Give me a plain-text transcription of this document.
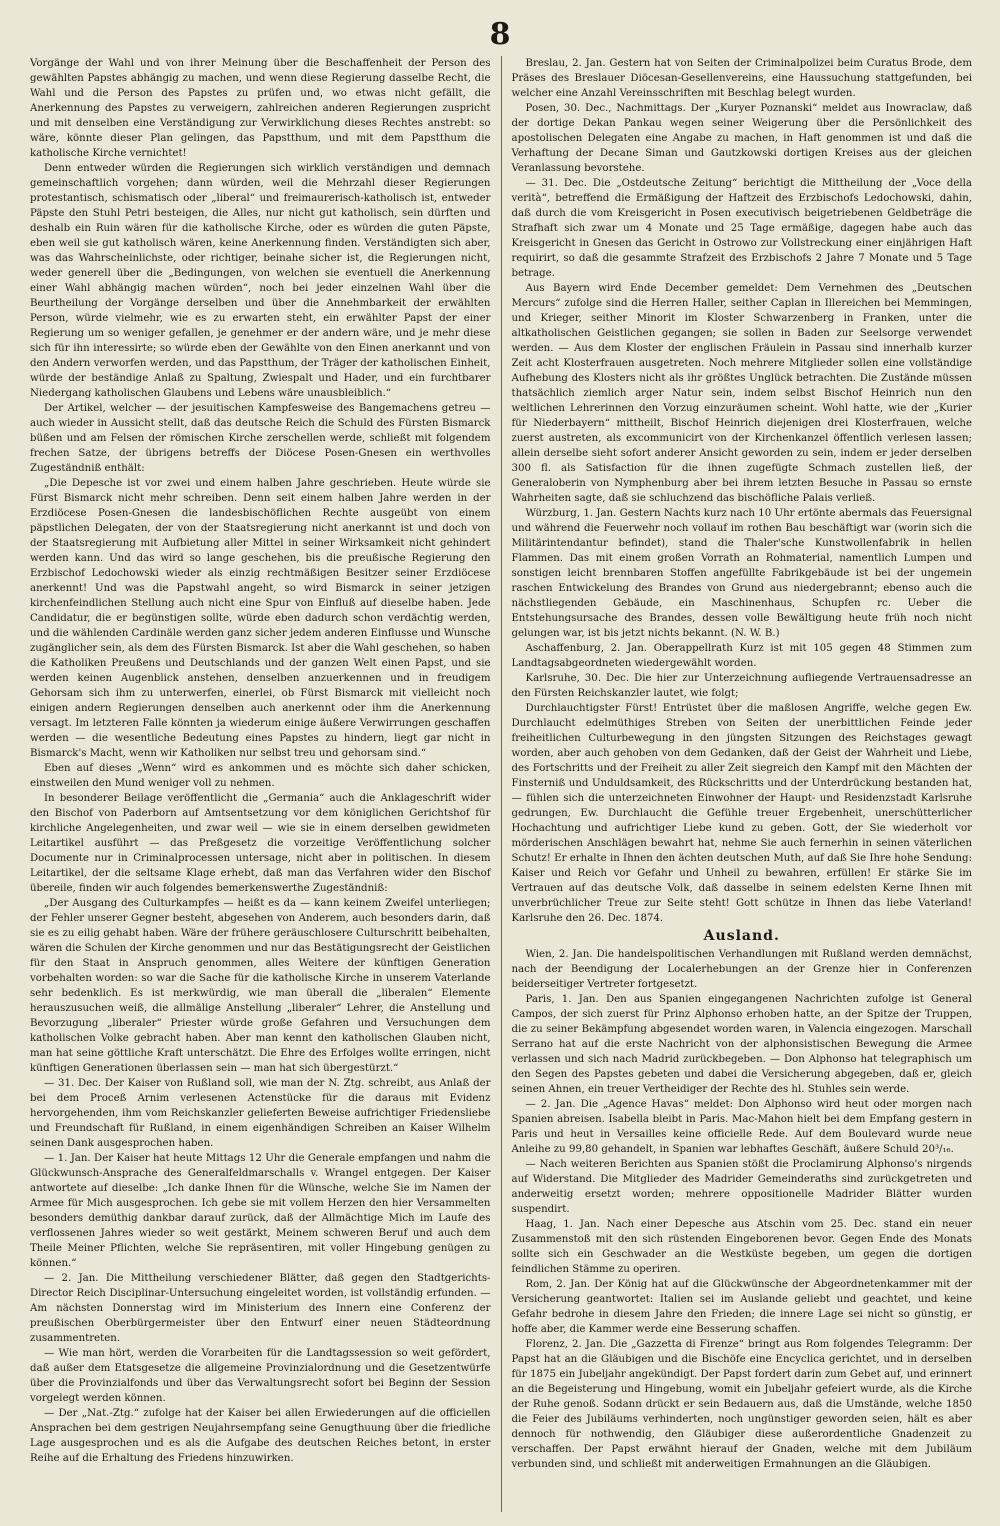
8

Vorgänge der Wahl und von ihrer Meinung über die Beschaffenheit der Person des gewählten Papstes abhängig zu machen, und wenn diese Regierung dasselbe Recht, die Wahl und die Person des Papstes zu prüfen und, wo etwas nicht gefällt, die Anerkennung des Papstes zu verweigern, zahlreichen anderen Regierungen zuspricht und mit denselben eine Verständigung zur Verwirklichung dieses Rechtes anstrebt: so wäre, könnte dieser Plan gelingen, das Papstthum, und mit dem Papstthum die katholische Kirche vernichtet!

Denn entweder würden die Regierungen sich wirklich verständigen und demnach gemeinschaftlich vorgehen; dann würden, weil die Mehrzahl dieser Regierungen protestantisch, schismatisch oder „liberal“ und freimaurerisch-katholisch ist, entweder Päpste den Stuhl Petri besteigen, die Alles, nur nicht gut katholisch, sein dürften und deshalb ein Ruin wären für die katholische Kirche, oder es würden die guten Päpste, eben weil sie gut katholisch wären, keine Anerkennung finden. Verständigten sich aber, was das Wahrscheinlichste, oder richtiger, beinahe sicher ist, die Regierungen nicht, weder generell über die „Bedingungen, von welchen sie eventuell die Anerkennung einer Wahl abhängig machen würden“, noch bei jeder einzelnen Wahl über die Beurtheilung der Vorgänge derselben und über die Annehmbarkeit der erwählten Person, würde vielmehr, wie es zu erwarten steht, ein erwählter Papst der einer Regierung um so weniger gefallen, je genehmer er der andern wäre, und je mehr diese sich für ihn interessirte; so würde eben der Gewählte von den Einen anerkannt und von den Andern verworfen werden, und das Papstthum, der Träger der katholischen Einheit, würde der beständige Anlaß zu Spaltung, Zwiespalt und Hader, und ein furchtbarer Niedergang katholischen Glaubens und Lebens wäre unausbleiblich.“

Der Artikel, welcher — der jesuitischen Kampfesweise des Bangemachens getreu — auch wieder in Aussicht stellt, daß das deutsche Reich die Schuld des Fürsten Bismarck büßen und am Felsen der römischen Kirche zerschellen werde, schließt mit folgendem frechen Satze, der übrigens betreffs der Diöcese Posen-Gnesen ein werthvolles Zugeständniß enthält:

„Die Depesche ist vor zwei und einem halben Jahre geschrieben. Heute würde sie Fürst Bismarck nicht mehr schreiben. Denn seit einem halben Jahre werden in der Erzdiöcese Posen-Gnesen die landesbischöflichen Rechte ausgeübt von einem päpstlichen Delegaten, der von der Staatsregierung nicht anerkannt ist und doch von der Staatsregierung mit Aufbietung aller Mittel in seiner Wirksamkeit nicht gehindert werden kann. Und das wird so lange geschehen, bis die preußische Regierung den Erzbischof Ledochowski wieder als einzig rechtmäßigen Besitzer seiner Erzdiöcese anerkennt! Und was die Papstwahl angeht, so wird Bismarck in seiner jetzigen kirchenfeindlichen Stellung auch nicht eine Spur von Einfluß auf dieselbe haben. Jede Candidatur, die er begünstigen sollte, würde eben dadurch schon verdächtig werden, und die wählenden Cardinäle werden ganz sicher jedem anderen Einflusse und Wunsche zugänglicher sein, als dem des Fürsten Bismarck. Ist aber die Wahl geschehen, so haben die Katholiken Preußens und Deutschlands und der ganzen Welt einen Papst, und sie werden keinen Augenblick anstehen, denselben anzuerkennen und in freudigem Gehorsam sich ihm zu unterwerfen, einerlei, ob Fürst Bismarck mit vielleicht noch einigen andern Regierungen denselben auch anerkennt oder ihm die Anerkennung versagt. Im letzteren Falle könnten ja wiederum einige äußere Verwirrungen geschaffen werden — die wesentliche Bedeutung eines Papstes zu hindern, liegt gar nicht in Bismarck's Macht, wenn wir Katholiken nur selbst treu und gehorsam sind.“

Eben auf dieses „Wenn“ wird es ankommen und es möchte sich daher schicken, einstweilen den Mund weniger voll zu nehmen.

In besonderer Beilage veröffentlicht die „Germania“ auch die Anklageschrift wider den Bischof von Paderborn auf Amtsentsetzung vor dem königlichen Gerichtshof für kirchliche Angelegenheiten, und zwar weil — wie sie in einem derselben gewidmeten Leitartikel ausführt — das Preßgesetz die vorzeitige Veröffentlichung solcher Documente nur in Criminalprocessen untersage, nicht aber in politischen. In diesem Leitartikel, der die seltsame Klage erhebt, daß man das Verfahren wider den Bischof übereile, finden wir auch folgendes bemerkenswerthe Zugeständniß:

„Der Ausgang des Culturkampfes — heißt es da — kann keinem Zweifel unterliegen; der Fehler unserer Gegner besteht, abgesehen von Anderem, auch besonders darin, daß sie es zu eilig gehabt haben. Wäre der frühere geräuschlosere Culturschritt beibehalten, wären die Schulen der Kirche genommen und nur das Bestätigungsrecht der Geistlichen für den Staat in Anspruch genommen, alles Weitere der künftigen Generation vorbehalten worden: so war die Sache für die katholische Kirche in unserem Vaterlande sehr bedenklich. Es ist merkwürdig, wie man überall die „liberalen“ Elemente herauszusuchen weiß, die allmälige Anstellung „liberaler“ Lehrer, die Anstellung und Bevorzugung „liberaler“ Priester würde große Gefahren und Versuchungen dem katholischen Volke gebracht haben. Aber man kennt den katholischen Glauben nicht, man hat seine göttliche Kraft unterschätzt. Die Ehre des Erfolges wollte erringen, nicht künftigen Generationen überlassen sein — man hat sich übergestürzt.“

— 31. Dec. Der Kaiser von Rußland soll, wie man der N. Ztg. schreibt, aus Anlaß der bei dem Proceß Arnim verlesenen Actenstücke für die daraus mit Evidenz hervorgehenden, ihm vom Reichskanzler gelieferten Beweise aufrichtiger Friedensliebe und Freundschaft für Rußland, in einem eigenhändigen Schreiben an Kaiser Wilhelm seinen Dank ausgesprochen haben.

— 1. Jan. Der Kaiser hat heute Mittags 12 Uhr die Generale empfangen und nahm die Glückwunsch-Ansprache des Generalfeldmarschalls v. Wrangel entgegen. Der Kaiser antwortete auf dieselbe: „Ich danke Ihnen für die Wünsche, welche Sie im Namen der Armee für Mich ausgesprochen. Ich gebe sie mit vollem Herzen den hier Versammelten besonders demüthig dankbar darauf zurück, daß der Allmächtige Mich im Laufe des verflossenen Jahres wieder so weit gestärkt, Meinem schweren Beruf und auch dem Theile Meiner Pflichten, welche Sie repräsentiren, mit voller Hingebung genügen zu können.“

— 2. Jan. Die Mittheilung verschiedener Blätter, daß gegen den Stadtgerichts-Director Reich Disciplinar-Untersuchung eingeleitet worden, ist vollständig erfunden. — Am nächsten Donnerstag wird im Ministerium des Innern eine Conferenz der preußischen Oberbürgermeister über den Entwurf einer neuen Städteordnung zusammentreten.

— Wie man hört, werden die Vorarbeiten für die Landtagssession so weit gefördert, daß außer dem Etatsgesetze die allgemeine Provinzialordnung und die Gesetzentwürfe über die Provinzialfonds und über das Verwaltungsrecht sofort bei Beginn der Session vorgelegt werden können.

— Der „Nat.-Ztg.“ zufolge hat der Kaiser bei allen Erwiederungen auf die officiellen Ansprachen bei dem gestrigen Neujahrsempfang seine Genugthuung über die friedliche Lage ausgesprochen und es als die Aufgabe des deutschen Reiches betont, in erster Reihe auf die Erhaltung des Friedens hinzuwirken.

Breslau, 2. Jan. Gestern hat von Seiten der Criminalpolizei beim Curatus Brode, dem Präses des Breslauer Diöcesan-Gesellenvereins, eine Haussuchung stattgefunden, bei welcher eine Anzahl Vereinsschriften mit Beschlag belegt wurden.

Posen, 30. Dec., Nachmittags. Der „Kuryer Poznanski“ meldet aus Inowraclaw, daß der dortige Dekan Pankau wegen seiner Weigerung über die Persönlichkeit des apostolischen Delegaten eine Angabe zu machen, in Haft genommen ist und daß die Verhaftung der Decane Siman und Gautzkowski dortigen Kreises aus der gleichen Veranlassung bevorstehe.

— 31. Dec. Die „Ostdeutsche Zeitung“ berichtigt die Mittheilung der „Voce della verità“, betreffend die Ermäßigung der Haftzeit des Erzbischofs Ledochowski, dahin, daß durch die vom Kreisgericht in Posen executivisch beigetriebenen Geldbeträge die Strafhaft sich zwar um 4 Monate und 25 Tage ermäßige, dagegen habe auch das Kreisgericht in Gnesen das Gericht in Ostrowo zur Vollstreckung einer einjährigen Haft requirirt, so daß die gesammte Strafzeit des Erzbischofs 2 Jahre 7 Monate und 5 Tage betrage.

Aus Bayern wird Ende December gemeldet: Dem Vernehmen des „Deutschen Mercurs“ zufolge sind die Herren Haller, seither Caplan in Illereichen bei Memmingen, und Krieger, seither Minorit im Kloster Schwarzenberg in Franken, unter die altkatholischen Geistlichen gegangen; sie sollen in Baden zur Seelsorge verwendet werden. — Aus dem Kloster der englischen Fräulein in Passau sind innerhalb kurzer Zeit acht Klosterfrauen ausgetreten. Noch mehrere Mitglieder sollen eine vollständige Aufhebung des Klosters nicht als ihr größtes Unglück betrachten. Die Zustände müssen thatsächlich ziemlich arger Natur sein, indem selbst Bischof Heinrich nun den weltlichen Lehrerinnen den Vorzug einzuräumen scheint. Wohl hatte, wie der „Kurier für Niederbayern“ mittheilt, Bischof Heinrich diejenigen drei Klosterfrauen, welche zuerst austreten, als excommunicirt von der Kirchenkanzel öffentlich verlesen lassen; allein derselbe sieht sofort anderer Ansicht geworden zu sein, indem er jeder derselben 300 fl. als Satisfaction für die ihnen zugefügte Schmach zustellen ließ, der Generaloberin von Nymphenburg aber bei ihrem letzten Besuche in Passau so ernste Wahrheiten sagte, daß sie schluchzend das bischöfliche Palais verließ.

Würzburg, 1. Jan. Gestern Nachts kurz nach 10 Uhr ertönte abermals das Feuersignal und während die Feuerwehr noch vollauf im rothen Bau beschäftigt war (worin sich die Militärintendantur befindet), stand die Thaler'sche Kunstwollenfabrik in hellen Flammen. Das mit einem großen Vorrath an Rohmaterial, namentlich Lumpen und sonstigen leicht brennbaren Stoffen angefüllte Fabrikgebäude ist bei der ungemein raschen Entwickelung des Brandes von Grund aus niedergebrannt; ebenso auch die nächstliegenden Gebäude, ein Maschinenhaus, Schupfen rc. Ueber die Entstehungsursache des Brandes, dessen volle Bewältigung heute früh noch nicht gelungen war, ist bis jetzt nichts bekannt. (N. W. B.)

Aschaffenburg, 2. Jan. Oberappellrath Kurz ist mit 105 gegen 48 Stimmen zum Landtagsabgeordneten wiedergewählt worden.

Karlsruhe, 30. Dec. Die hier zur Unterzeichnung aufliegende Vertrauensadresse an den Fürsten Reichskanzler lautet, wie folgt;

Durchlauchtigster Fürst! Entrüstet über die maßlosen Angriffe, welche gegen Ew. Durchlaucht edelmüthiges Streben von Seiten der unerbittlichen Feinde jeder freiheitlichen Culturbewegung in den jüngsten Sitzungen des Reichstages gewagt worden, aber auch gehoben von dem Gedanken, daß der Geist der Wahrheit und Liebe, des Fortschritts und der Freiheit zu aller Zeit siegreich den Kampf mit den Mächten der Finsterniß und Unduldsamkeit, des Rückschritts und der Unterdrückung bestanden hat, — fühlen sich die unterzeichneten Einwohner der Haupt- und Residenzstadt Karlsruhe gedrungen, Ew. Durchlaucht die Gefühle treuer Ergebenheit, unerschütterlicher Hochachtung und aufrichtiger Liebe kund zu geben. Gott, der Sie wiederholt vor mörderischen Anschlägen bewahrt hat, nehme Sie auch fernerhin in seinen väterlichen Schutz! Er erhalte in Ihnen den ächten deutschen Muth, auf daß Sie Ihre hohe Sendung: Kaiser und Reich vor Gefahr und Unheil zu bewahren, erfüllen! Er stärke Sie im Vertrauen auf das deutsche Volk, daß dasselbe in seinem edelsten Kerne Ihnen mit unverbrüchlicher Treue zur Seite steht! Gott schütze in Ihnen das liebe Vaterland! Karlsruhe den 26. Dec. 1874.

Ausland.

Wien, 2. Jan. Die handelspolitischen Verhandlungen mit Rußland werden demnächst, nach der Beendigung der Localerhebungen an der Grenze hier in Conferenzen beiderseitiger Vertreter fortgesetzt.

Paris, 1. Jan. Den aus Spanien eingegangenen Nachrichten zufolge ist General Campos, der sich zuerst für Prinz Alphonso erhoben hatte, an der Spitze der Truppen, die zu seiner Bekämpfung abgesendet worden waren, in Valencia eingezogen. Marschall Serrano hat auf die erste Nachricht von der alphonsistischen Bewegung die Armee verlassen und sich nach Madrid zurückbegeben. — Don Alphonso hat telegraphisch um den Segen des Papstes gebeten und dabei die Versicherung abgegeben, daß er, gleich seinen Ahnen, ein treuer Vertheidiger der Rechte des hl. Stuhles sein werde.

— 2. Jan. Die „Agence Havas“ meldet: Don Alphonso wird heut oder morgen nach Spanien abreisen. Isabella bleibt in Paris. Mac-Mahon hielt bei dem Empfang gestern in Paris und heut in Versailles keine officielle Rede. Auf dem Boulevard wurde neue Anleihe zu 99,80 gehandelt, in Spanien war lebhaftes Geschäft, äußere Schuld 20³/₁₆.

— Nach weiteren Berichten aus Spanien stößt die Proclamirung Alphonso's nirgends auf Widerstand. Die Mitglieder des Madrider Gemeinderaths sind zurückgetreten und anderweitig ersetzt worden; mehrere oppositionelle Madrider Blätter wurden suspendirt.

Haag, 1. Jan. Nach einer Depesche aus Atschin vom 25. Dec. stand ein neuer Zusammenstoß mit den sich rüstenden Eingeborenen bevor. Gegen Ende des Monats sollte sich ein Geschwader an die Westküste begeben, um gegen die dortigen feindlichen Stämme zu operiren.

Rom, 2. Jan. Der König hat auf die Glückwünsche der Abgeordnetenkammer mit der Versicherung geantwortet: Italien sei im Auslande geliebt und geachtet, und keine Gefahr bedrohe in diesem Jahre den Frieden; die innere Lage sei nicht so günstig, er hoffe aber, die Kammer werde eine Besserung schaffen.

Florenz, 2. Jan. Die „Gazzetta di Firenze“ bringt aus Rom folgendes Telegramm: Der Papst hat an die Gläubigen und die Bischöfe eine Encyclica gerichtet, und in derselben für 1875 ein Jubeljahr angekündigt. Der Papst fordert darin zum Gebet auf, und erinnert an die Begeisterung und Hingebung, womit ein Jubeljahr gefeiert wurde, als die Kirche der Ruhe genoß. Sodann drückt er sein Bedauern aus, daß die Umstände, welche 1850 die Feier des Jubiläums verhinderten, noch ungünstiger geworden seien, hält es aber dennoch für nothwendig, den Gläubiger diese außerordentliche Gnadenzeit zu verschaffen. Der Papst erwähnt hierauf der Gnaden, welche mit dem Jubiläum verbunden sind, und schließt mit anderweitigen Ermahnungen an die Gläubigen.
